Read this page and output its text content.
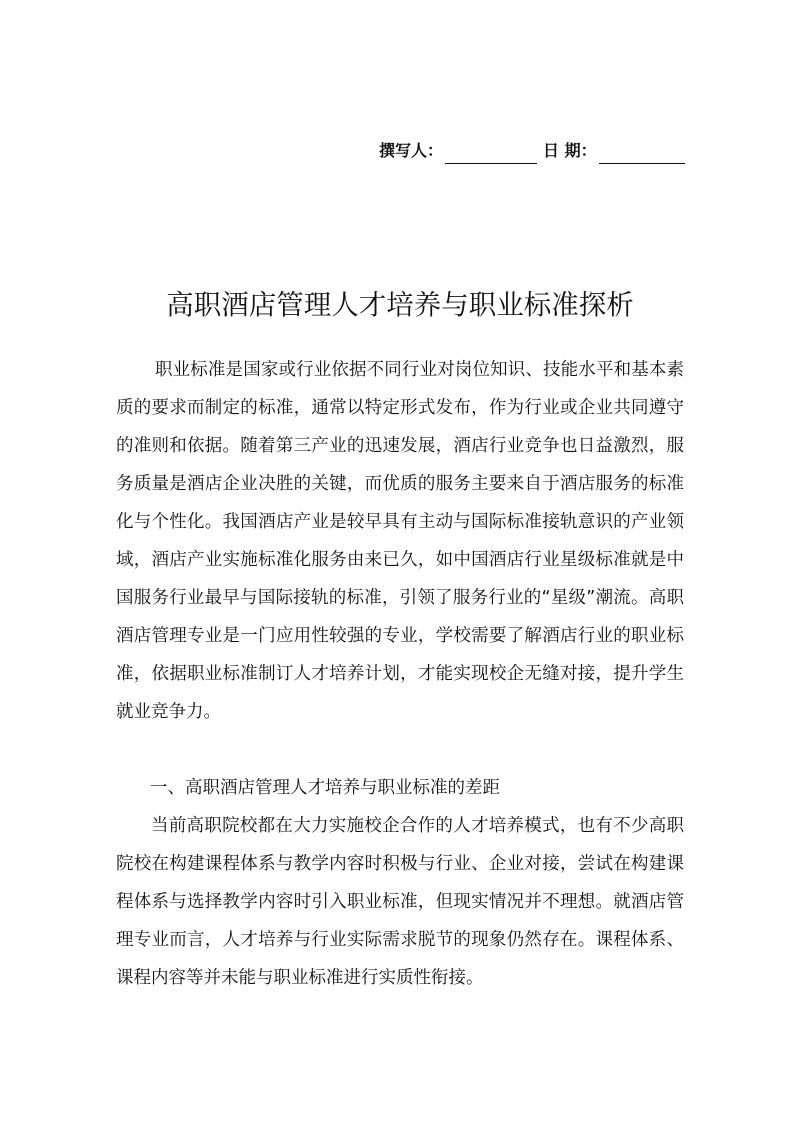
撰写人：	日 期：
高职酒店管理人才培养与职业标准探析

职业标准是国家或行业依据不同行业对岗位知识、技能水平和基本素质的要求而制定的标准，通常以特定形式发布，作为行业或企业共同遵守的准则和依据。随着第三产业的迅速发展，酒店行业竞争也日益激烈，服务质量是酒店企业决胜的关键，而优质的服务主要来自于酒店服务的标准化与个性化。我国酒店产业是较早具有主动与国际标准接轨意识的产业领域，酒店产业实施标准化服务由来已久，如中国酒店行业星级标准就是中国服务行业最早与国际接轨的标准，引领了服务行业的“星级”潮流。高职酒店管理专业是一门应用性较强的专业，学校需要了解酒店行业的职业标准，依据职业标准制订人才培养计划，才能实现校企无缝对接，提升学生就业竞争力。

一、高职酒店管理人才培养与职业标准的差距

当前高职院校都在大力实施校企合作的人才培养模式，也有不少高职院校在构建课程体系与教学内容时积极与行业、企业对接，尝试在构建课程体系与选择教学内容时引入职业标准，但现实情况并不理想。就酒店管理专业而言，人才培养与行业实际需求脱节的现象仍然存在。课程体系、课程内容等并未能与职业标准进行实质性衔接。
